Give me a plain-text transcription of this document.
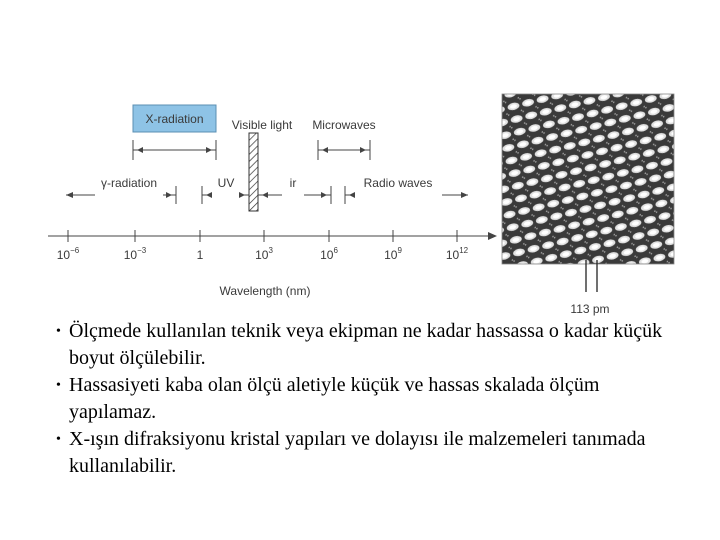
X-radiation Visible light Microwaves
γ-radiation	UV	ir	Radio waves
$10^{-6}$	$10^{-3}$	1	$10^3$	$10^6$	$10^9$	$10^{12}$
Wavelength (nm)
113 pm
• Ölçmede kullanılan teknik veya ekipman ne kadar hassassa o kadar küçük boyut ölçülebilir.
• Hassasiyeti kaba olan ölçü aletiyle küçük ve hassas skalada ölçüm yapılamaz.
• X-ışın difraksiyonu kristal yapıları ve dolayısı ile malzemeleri tanımada kullanılabilir.
